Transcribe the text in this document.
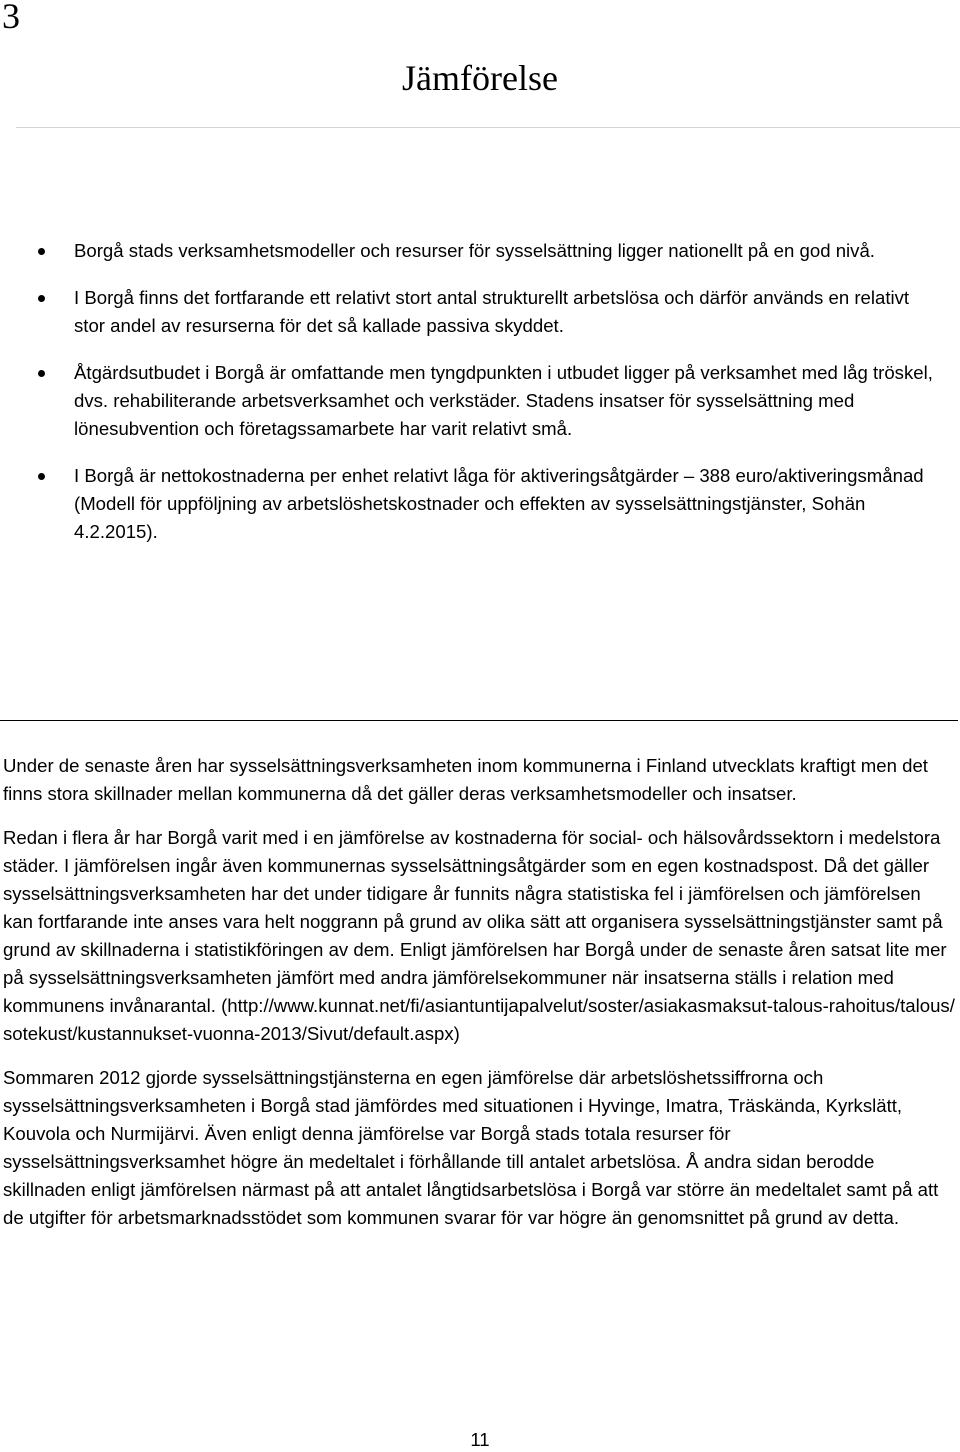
3
Jämförelse
Borgå stads verksamhetsmodeller och resurser för sysselsättning ligger nationellt på en god nivå.
I Borgå finns det fortfarande ett relativt stort antal strukturellt arbetslösa och därför används en relativt stor andel av resurserna för det så kallade passiva skyddet.
Åtgärdsutbudet i Borgå är omfattande men tyngdpunkten i utbudet ligger på verksamhet med låg tröskel, dvs. rehabiliterande arbetsverksamhet och verkstäder. Stadens insatser för sysselsättning med lönesubvention och företagssamarbete har varit relativt små.
I Borgå är nettokostnaderna per enhet relativt låga för aktiveringsåtgärder – 388 euro/aktiveringsmånad (Modell för uppföljning av arbetslöshetskostnader och effekten av sysselsättningstjänster, Sohän 4.2.2015).

Under de senaste åren har sysselsättningsverksamheten inom kommunerna i Finland utvecklats kraftigt men det finns stora skillnader mellan kommunerna då det gäller deras verksamhetsmodeller och insatser.

Redan i flera år har Borgå varit med i en jämförelse av kostnaderna för social- och hälsovårdssektorn i medelstora städer. I jämförelsen ingår även kommunernas sysselsättningsåtgärder som en egen kostnadspost. Då det gäller sysselsättningsverksamheten har det under tidigare år funnits några statistiska fel i jämförelsen och jämförelsen kan fortfarande inte anses vara helt noggrann på grund av olika sätt att organisera sysselsättningstjänster samt på grund av skillnaderna i statistikföringen av dem. Enligt jämförelsen har Borgå under de senaste åren satsat lite mer på sysselsättningsverksamheten jämfört med andra jämförelsekommuner när insatserna ställs i relation med kommunens invånarantal. (http://www.kunnat.net/fi/asiantuntijapalvelut/soster/asiakasmaksut-talous-rahoitus/talous/sotekust/kustannukset-vuonna-2013/Sivut/default.aspx)

Sommaren 2012 gjorde sysselsättningstjänsterna en egen jämförelse där arbetslöshetssiffrorna och sysselsättningsverksamheten i Borgå stad jämfördes med situationen i Hyvinge, Imatra, Träskända, Kyrkslätt, Kouvola och Nurmijärvi. Även enligt denna jämförelse var Borgå stads totala resurser för sysselsättningsverksamhet högre än medeltalet i förhållande till antalet arbetslösa. Å andra sidan berodde skillnaden enligt jämförelsen närmast på att antalet långtidsarbetslösa i Borgå var större än medeltalet samt på att de utgifter för arbetsmarknadsstödet som kommunen svarar för var högre än genomsnittet på grund av detta.

11
